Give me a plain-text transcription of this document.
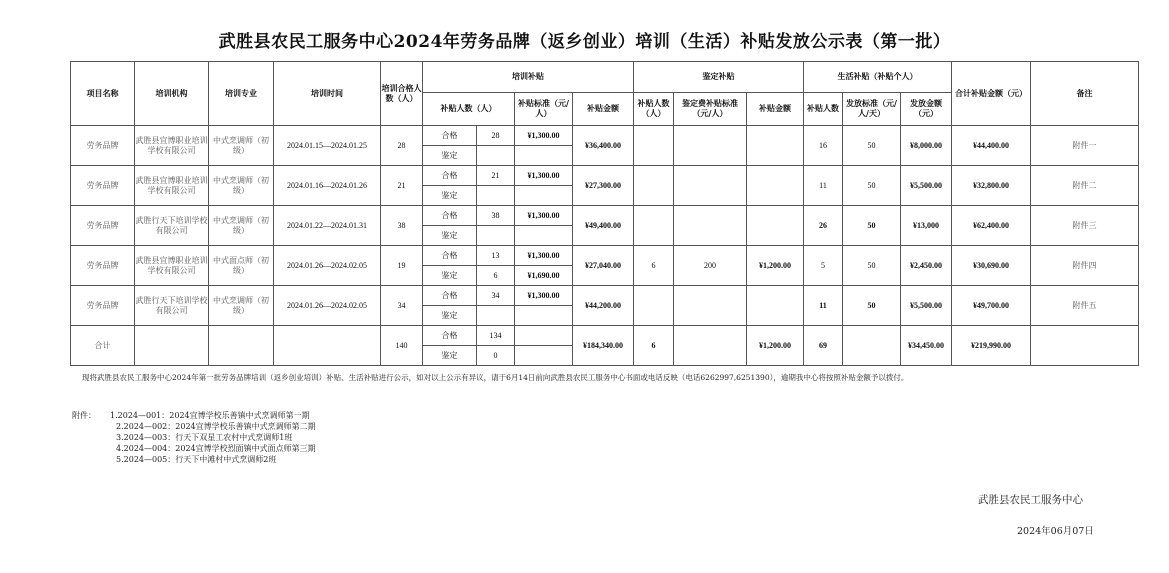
武胜县农民工服务中心2024年劳务品牌（返乡创业）培训（生活）补贴发放公示表（第一批）
项目名称	培训机构	培训专业	培训时间	培训合格人数（人）	培训补贴				鉴定补贴			生活补贴（补贴个人）			合计补贴金额（元）	备注
					补贴人数（人）		补贴标准（元/人）	补贴金额	补贴人数（人）	鉴定费补贴标准（元/人）	补贴金额	补贴人数	发放标准（元/人/天）	发放金额（元）		
劳务品牌	武胜县宜博职业培训学校有限公司	中式烹调师（初级）	2024.01.15—2024.01.25	28	合格	28	¥1,300.00	¥36,400.00				16	50	¥8,000.00	¥44,400.00	附件一
					鉴定											
劳务品牌	武胜县宜博职业培训学校有限公司	中式烹调师（初级）	2024.01.16—2024.01.26	21	合格	21	¥1,300.00	¥27,300.00				11	50	¥5,500.00	¥32,800.00	附件二
					鉴定											
劳务品牌	武胜行天下培训学校有限公司	中式烹调师（初级）	2024.01.22—2024.01.31	38	合格	38	¥1,300.00	¥49,400.00				26	50	¥13,000	¥62,400.00	附件三
					鉴定											
劳务品牌	武胜县宜博职业培训学校有限公司	中式面点师（初级）	2024.01.26—2024.02.05	19	合格	13	¥1,300.00	¥27,040.00	6	200	¥1,200.00	5	50	¥2,450.00	¥30,690.00	附件四
					鉴定	6	¥1,690.00									
劳务品牌	武胜行天下培训学校有限公司	中式烹调师（初级）	2024.01.26—2024.02.05	34	合格	34	¥1,300.00	¥44,200.00				11	50	¥5,500.00	¥49,700.00	附件五
					鉴定											
合计				140	合格	134		¥184,340.00	6		¥1,200.00	69		¥34,450.00	¥219,990.00	
					鉴定	0										
现将武胜县农民工服务中心2024年第一批劳务品牌培训（返乡创业培训）补贴、生活补贴进行公示，如对以上公示有异议，请于6月14日前向武胜县农民工服务中心书面或电话反映（电话6262997,6251390），逾期我中心将按照补贴金额予以拨付。
附件： 1.2024—001：2024宜博学校乐善镇中式烹调师第一期
2.2024—002：2024宜博学校乐善镇中式烹调师第二期
3.2024—003：行天下双星工农村中式烹调师1班
4.2024—004：2024宜博学校烈面镇中式面点师第三期
5.2024—005：行天下中滩村中式烹调师2班
武胜县农民工服务中心
2024年06月07日
